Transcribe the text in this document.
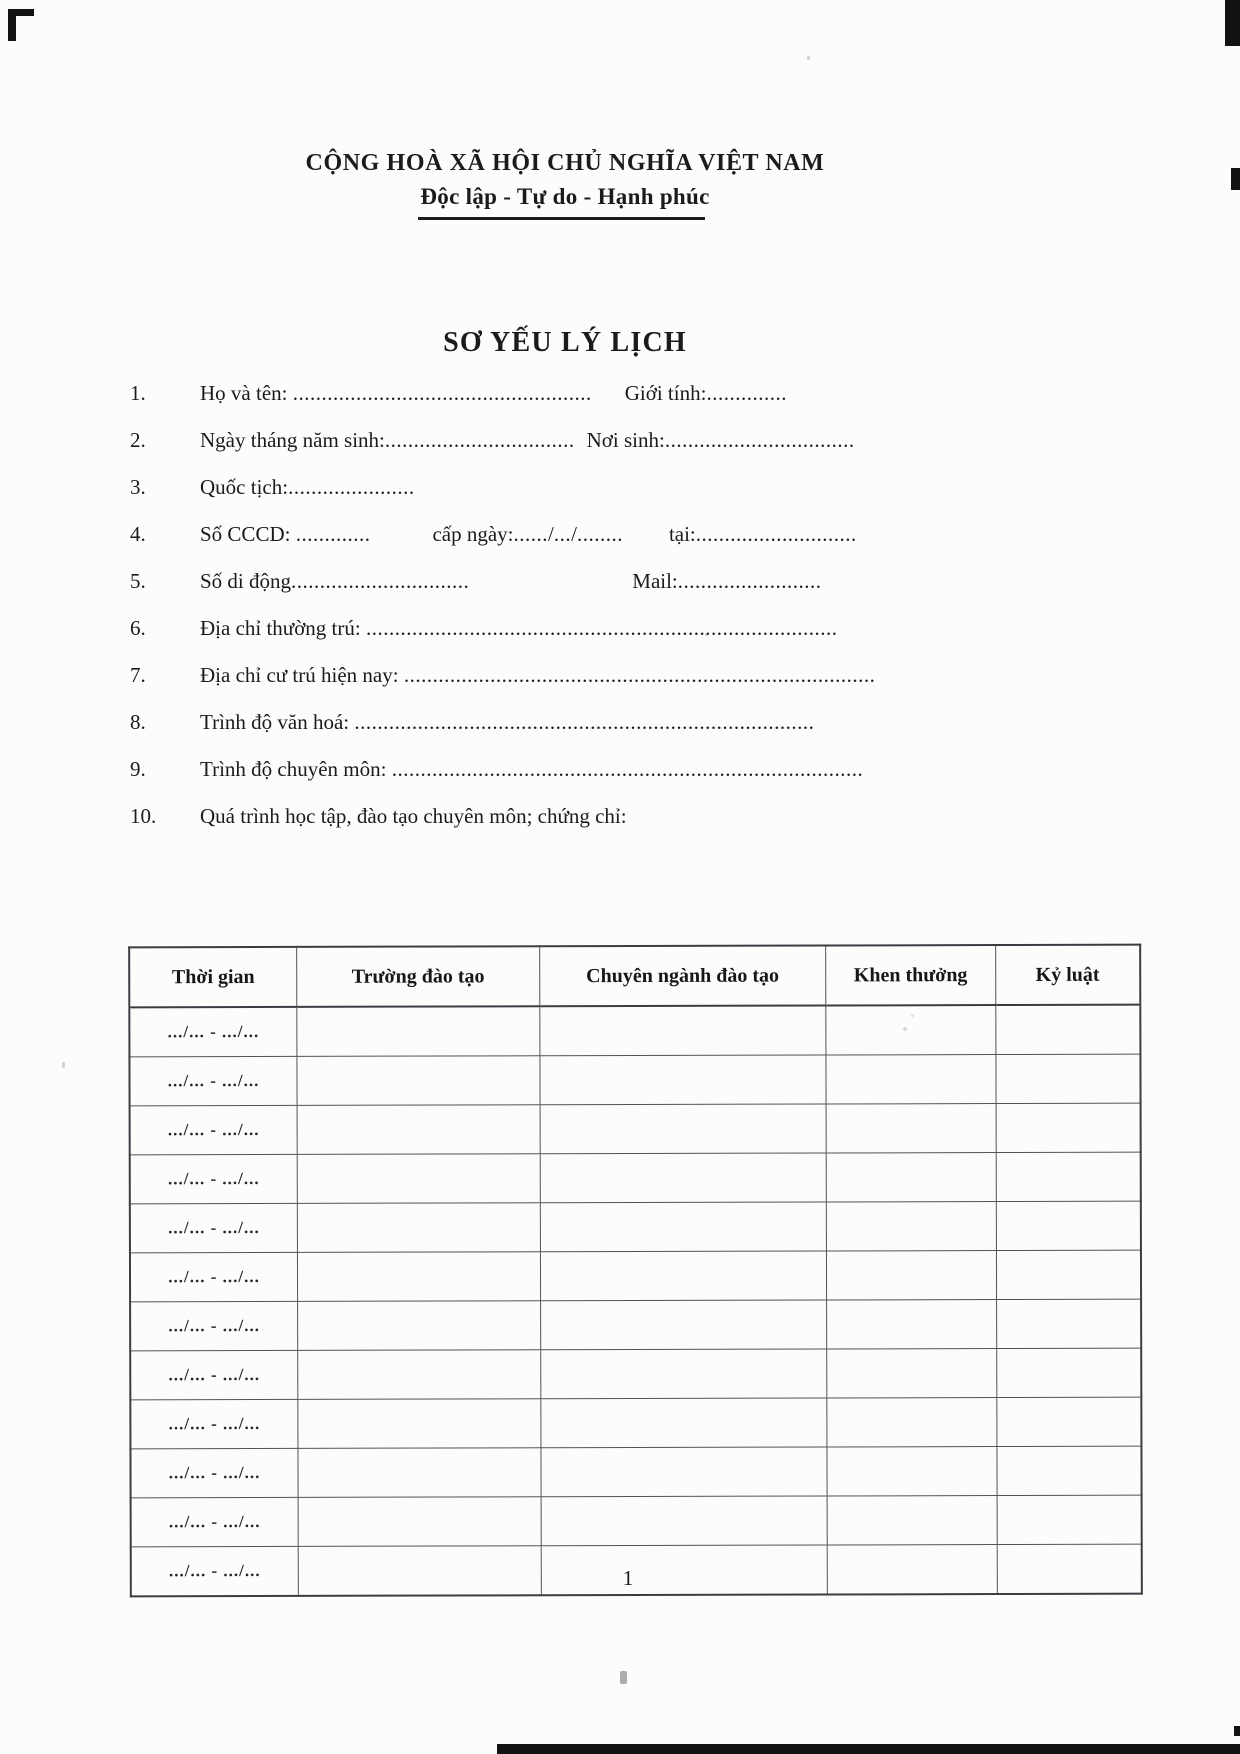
CỘNG HOÀ XÃ HỘI CHỦ NGHĨA VIỆT NAM
Độc lập - Tự do - Hạnh phúc
SƠ YẾU LÝ LỊCH
1.	Họ và tên: .................................................... Giới tính:..............
2.	Ngày tháng năm sinh:................................. Nơi sinh:.................................
3.	Quốc tịch:......................
4.	Số CCCD: .............	cấp ngày:....../.../........ tại:............................
5.	Số di động...............................	Mail:.........................
6.	Địa chỉ thường trú: ..................................................................................
7.	Địa chỉ cư trú hiện nay: ..................................................................................
8.	Trình độ văn hoá: ................................................................................
9.	Trình độ chuyên môn: ..................................................................................
10. Quá trình học tập, đào tạo chuyên môn; chứng chỉ:
Thời gian	Trường đào tạo	Chuyên ngành đào tạo	Khen thưởng	Kỷ luật
.../... - .../...				
.../... - .../...				
.../... - .../...				
.../... - .../...				
.../... - .../...				
.../... - .../...				
.../... - .../...				
.../... - .../...				
.../... - .../...				
.../... - .../...				
.../... - .../...				
.../... - .../...					1
